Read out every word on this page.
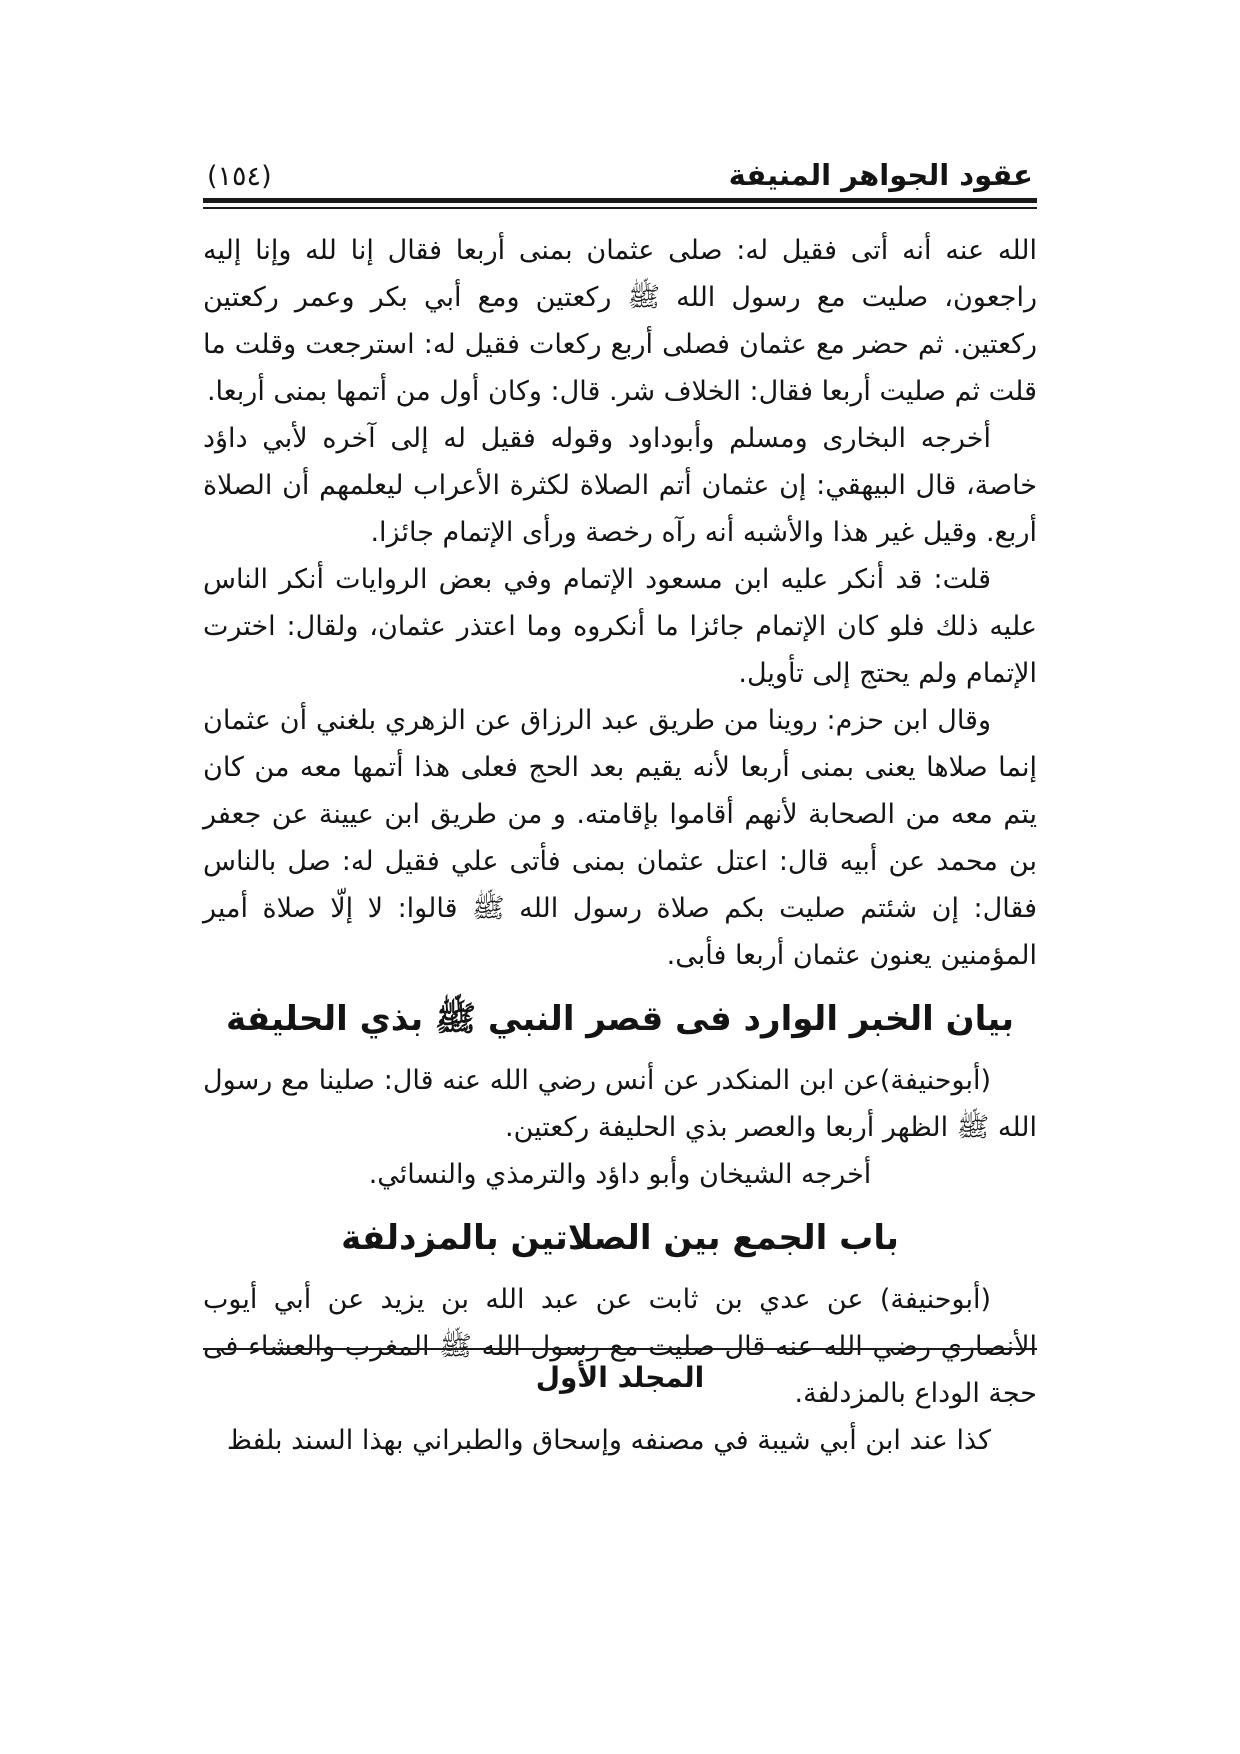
عقود الجواهر المنيفة
(١٥٤)

الله عنه أنه أتى فقيل له: صلى عثمان بمنى أربعا فقال إنا لله وإنا إليه راجعون، صليت مع رسول الله ﷺ ركعتين ومع أبي بكر وعمر ركعتين ركعتين. ثم حضر مع عثمان فصلى أربع ركعات فقيل له: استرجعت وقلت ما قلت ثم صليت أربعا فقال: الخلاف شر. قال: وكان أول من أتمها بمنى أربعا.

أخرجه البخارى ومسلم وأبوداود وقوله فقيل له إلى آخره لأبي داؤد خاصة، قال البيهقي: إن عثمان أتم الصلاة لكثرة الأعراب ليعلمهم أن الصلاة أربع. وقيل غير هذا والأشبه أنه رآه رخصة ورأى الإتمام جائزا.

قلت: قد أنكر عليه ابن مسعود الإتمام وفي بعض الروايات أنكر الناس عليه ذلك فلو كان الإتمام جائزا ما أنكروه وما اعتذر عثمان، ولقال: اخترت الإتمام ولم يحتج إلى تأويل.

وقال ابن حزم: روينا من طريق عبد الرزاق عن الزهري بلغني أن عثمان إنما صلاها يعنى بمنى أربعا لأنه يقيم بعد الحج فعلى هذا أتمها معه من كان يتم معه من الصحابة لأنهم أقاموا بإقامته. و من طريق ابن عيينة عن جعفر بن محمد عن أبيه قال: اعتل عثمان بمنى فأتى علي فقيل له: صل بالناس فقال: إن شئتم صليت بكم صلاة رسول الله ﷺ قالوا: لا إلّا صلاة أمير المؤمنين يعنون عثمان أربعا فأبى.

بيان الخبر الوارد فى قصر النبي ﷺ بذي الحليفة

(أبوحنيفة)عن ابن المنكدر عن أنس رضي الله عنه قال: صلينا مع رسول الله ﷺ الظهر أربعا والعصر بذي الحليفة ركعتين.

أخرجه الشيخان وأبو داؤد والترمذي والنسائي.

باب الجمع بين الصلاتين بالمزدلفة

(أبوحنيفة) عن عدي بن ثابت عن عبد الله بن يزيد عن أبي أيوب الأنصاري رضي الله عنه قال صليت مع رسول الله ﷺ المغرب والعشاء فى حجة الوداع بالمزدلفة.

كذا عند ابن أبي شيبة في مصنفه وإسحاق والطبراني بهذا السند بلفظ

المجلد الأول
